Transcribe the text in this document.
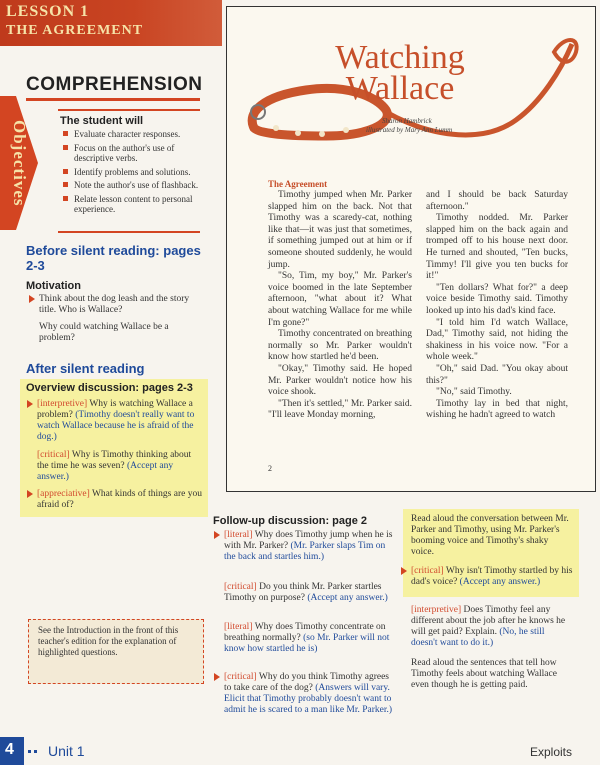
LESSON 1
THE AGREEMENT
COMPREHENSION
Objectives	The student will
Evaluate character responses.
Focus on the author's use of descriptive verbs.
Identify problems and solutions.
Note the author's use of flashback.
Relate lesson content to personal experience.
Before silent reading: pages 2-3
Motivation
Think about the dog leash and the story title. Who is Wallace?
Why could watching Wallace be a problem?
After silent reading
Overview discussion: pages 2-3
[interpretive] Why is watching Wallace a problem? (Timothy doesn't really want to watch Wallace because he is afraid of the dog.)
[critical] Why is Timothy thinking about the time he was seven? (Accept any answer.)
[appreciative] What kinds of things are you afraid of?
See the Introduction in the front of this teacher's edition for the explanation of highlighted questions.
Watching
Wallace
Sharon Hambrick
illustrated by Mary Ann Lumm
The Agreement

Timothy jumped when Mr. Parker slapped him on the back. Not that Timothy was a scaredy-cat, nothing like that—it was just that sometimes, if something jumped out at him or if someone shouted suddenly, he would jump.

"So, Tim, my boy," Mr. Parker's voice boomed in the late September afternoon, "what about it? What about watching Wallace for me while I'm gone?"

Timothy concentrated on breathing normally so Mr. Parker wouldn't know how startled he'd been.

"Okay," Timothy said. He hoped Mr. Parker wouldn't notice how his voice shook.

"Then it's settled," Mr. Parker said. "I'll leave Monday morning,

and I should be back Saturday afternoon."

Timothy nodded. Mr. Parker slapped him on the back again and tromped off to his house next door. He turned and shouted, "Ten bucks, Timmy! I'll give you ten bucks for it!"

"Ten dollars? What for?" a deep voice beside Timothy said. Timothy looked up into his dad's kind face.

"I told him I'd watch Wallace, Dad," Timothy said, not hiding the shakiness in his voice now. "For a whole week."

"Oh," said Dad. "You okay about this?"

"No," said Timothy.

Timothy lay in bed that night, wishing he hadn't agreed to watch

2
Follow-up discussion: page 2
[literal] Why does Timothy jump when he is with Mr. Parker? (Mr. Parker slaps Tim on the back and startles him.)
[critical] Do you think Mr. Parker startles Timothy on purpose? (Accept any answer.)
[literal] Why does Timothy concentrate on breathing normally? (so Mr. Parker will not know how startled he is)
[critical] Why do you think Timothy agrees to take care of the dog? (Answers will vary. Elicit that Timothy probably doesn't want to admit he is scared to a man like Mr. Parker.)
Read aloud the conversation between Mr. Parker and Timothy, using Mr. Parker's booming voice and Timothy's shaky voice.
[critical] Why isn't Timothy startled by his dad's voice? (Accept any answer.)
[interpretive] Does Timothy feel any different about the job after he knows he will get paid? Explain. (No, he still doesn't want to do it.)
Read aloud the sentences that tell how Timothy feels about watching Wallace even though he is getting paid.
4 Unit 1	Exploits
